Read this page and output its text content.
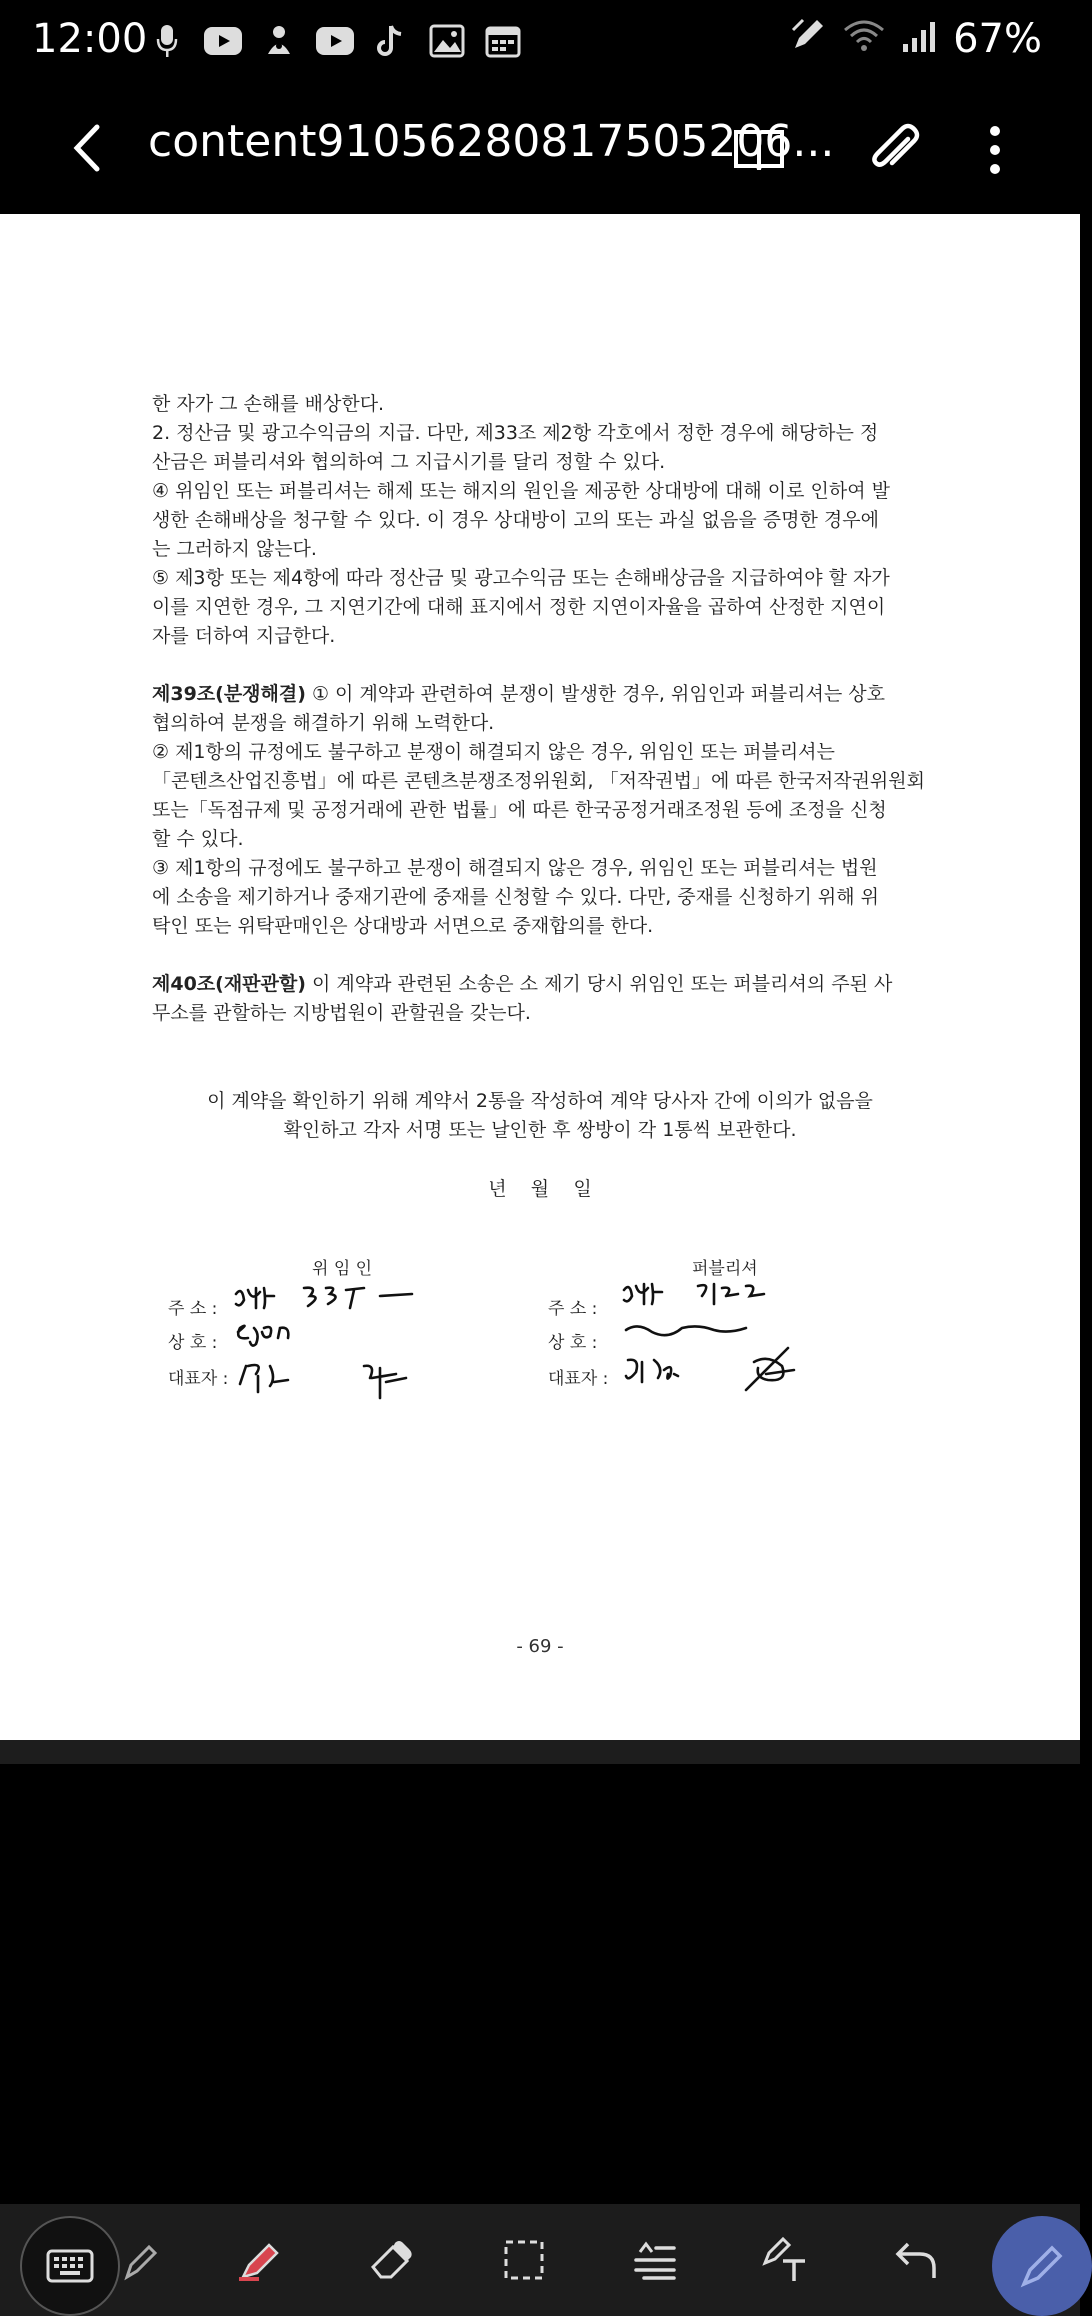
12:00	67%
content91056280817505206...
한 자가 그 손해를 배상한다.
2. 정산금 및 광고수익금의 지급. 다만, 제33조 제2항 각호에서 정한 경우에 해당하는 정
산금은 퍼블리셔와 협의하여 그 지급시기를 달리 정할 수 있다.
④ 위임인 또는 퍼블리셔는 해제 또는 해지의 원인을 제공한 상대방에 대해 이로 인하여 발
생한 손해배상을 청구할 수 있다. 이 경우 상대방이 고의 또는 과실 없음을 증명한 경우에
는 그러하지 않는다.
⑤ 제3항 또는 제4항에 따라 정산금 및 광고수익금 또는 손해배상금을 지급하여야 할 자가
이를 지연한 경우, 그 지연기간에 대해 표지에서 정한 지연이자율을 곱하여 산정한 지연이
자를 더하여 지급한다.
제39조(분쟁해결) ① 이 계약과 관련하여 분쟁이 발생한 경우, 위임인과 퍼블리셔는 상호
협의하여 분쟁을 해결하기 위해 노력한다.
② 제1항의 규정에도 불구하고 분쟁이 해결되지 않은 경우, 위임인 또는 퍼블리셔는
「콘텐츠산업진흥법」에 따른 콘텐츠분쟁조정위원회, 「저작권법」에 따른 한국저작권위원회
또는「독점규제 및 공정거래에 관한 법률」에 따른 한국공정거래조정원 등에 조정을 신청
할 수 있다.
③ 제1항의 규정에도 불구하고 분쟁이 해결되지 않은 경우, 위임인 또는 퍼블리셔는 법원
에 소송을 제기하거나 중재기관에 중재를 신청할 수 있다. 다만, 중재를 신청하기 위해 위
탁인 또는 위탁판매인은 상대방과 서면으로 중재합의를 한다.
제40조(재판관할) 이 계약과 관련된 소송은 소 제기 당시 위임인 또는 퍼블리셔의 주된 사
무소를 관할하는 지방법원이 관할권을 갖는다.
이 계약을 확인하기 위해 계약서 2통을 작성하여 계약 당사자 간에 이의가 없음을
확인하고 각자 서명 또는 날인한 후 쌍방이 각 1통씩 보관한다.
년    월    일
위 임 인
주 소 :
상 호 :
대표자 :
퍼블리셔
주 소 :
상 호 :
대표자 :
- 69 -
